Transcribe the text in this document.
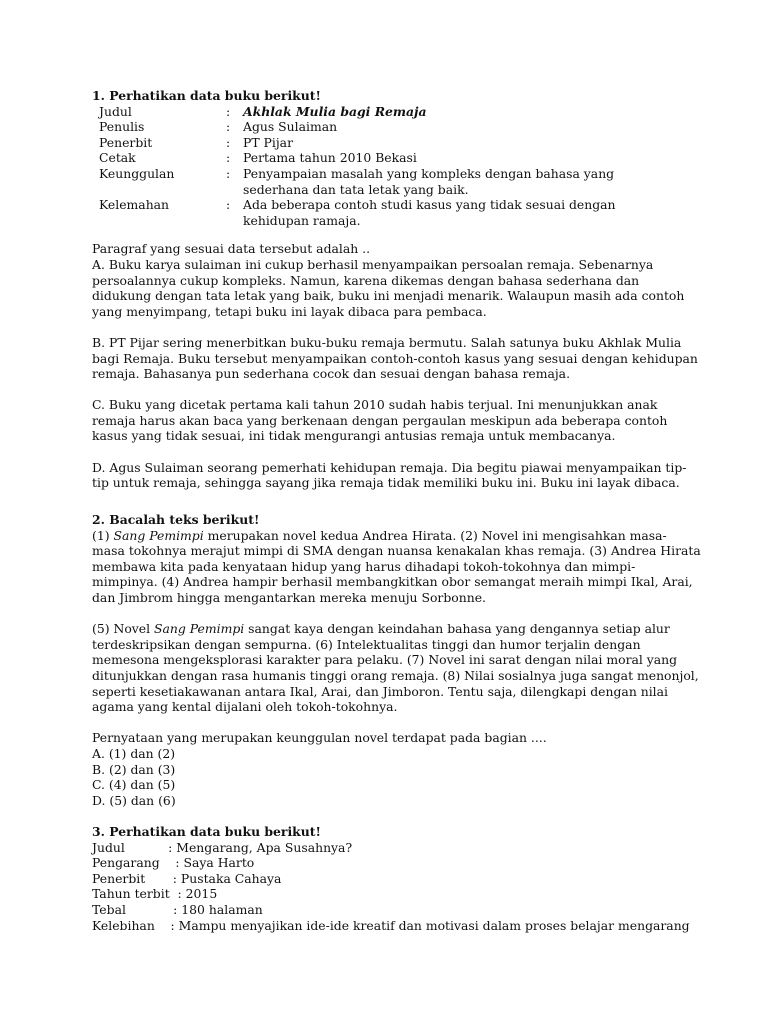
1. Perhatikan data buku berikut!
Judul	: Akhlak Mulia bagi Remaja
Penulis	: Agus Sulaiman
Penerbit	: PT Pijar
Cetak	: Pertama tahun 2010 Bekasi
Keunggulan	: Penyampaian masalah yang kompleks dengan bahasa yang
sederhana dan tata letak yang baik.
Kelemahan	: Ada beberapa contoh studi kasus yang tidak sesuai dengan
kehidupan ramaja.
Paragraf yang sesuai data tersebut adalah ..
A. Buku karya sulaiman ini cukup berhasil menyampaikan persoalan remaja. Sebenarnya
persoalannya cukup kompleks. Namun, karena dikemas dengan bahasa sederhana dan
didukung dengan tata letak yang baik, buku ini menjadi menarik. Walaupun masih ada contoh
yang menyimpang, tetapi buku ini layak dibaca para pembaca.
B. PT Pijar sering menerbitkan buku-buku remaja bermutu. Salah satunya buku Akhlak Mulia
bagi Remaja. Buku tersebut menyampaikan contoh-contoh kasus yang sesuai dengan kehidupan
remaja. Bahasanya pun sederhana cocok dan sesuai dengan bahasa remaja.
C. Buku yang dicetak pertama kali tahun 2010 sudah habis terjual. Ini menunjukkan anak
remaja harus akan baca yang berkenaan dengan pergaulan meskipun ada beberapa contoh
kasus yang tidak sesuai, ini tidak mengurangi antusias remaja untuk membacanya.
D. Agus Sulaiman seorang pemerhati kehidupan remaja. Dia begitu piawai menyampaikan tip-
tip untuk remaja, sehingga sayang jika remaja tidak memiliki buku ini. Buku ini layak dibaca.
2. Bacalah teks berikut!
(1) Sang Pemimpi merupakan novel kedua Andrea Hirata. (2) Novel ini mengisahkan masa-
masa tokohnya merajut mimpi di SMA dengan nuansa kenakalan khas remaja. (3) Andrea Hirata
membawa kita pada kenyataan hidup yang harus dihadapi tokoh-tokohnya dan mimpi-
mimpinya. (4) Andrea hampir berhasil membangkitkan obor semangat meraih mimpi Ikal, Arai,
dan Jimbrom hingga mengantarkan mereka menuju Sorbonne.
(5) Novel Sang Pemimpi sangat kaya dengan keindahan bahasa yang dengannya setiap alur
terdeskripsikan dengan sempurna. (6) Intelektualitas tinggi dan humor terjalin dengan
memesona mengeksplorasi karakter para pelaku. (7) Novel ini sarat dengan nilai moral yang
ditunjukkan dengan rasa humanis tinggi orang remaja. (8) Nilai sosialnya juga sangat menonjol,
seperti kesetiakawanan antara Ikal, Arai, dan Jimboron. Tentu saja, dilengkapi dengan nilai
agama yang kental dijalani oleh tokoh-tokohnya.
Pernyataan yang merupakan keunggulan novel terdapat pada bagian ....
A. (1) dan (2)
B. (2) dan (3)
C. (4) dan (5)
D. (5) dan (6)
3. Perhatikan data buku berikut!
Judul           : Mengarang, Apa Susahnya?
Pengarang    : Saya Harto
Penerbit       : Pustaka Cahaya
Tahun terbit  : 2015
Tebal            : 180 halaman
Kelebihan    : Mampu menyajikan ide-ide kreatif dan motivasi dalam proses belajar mengarang
